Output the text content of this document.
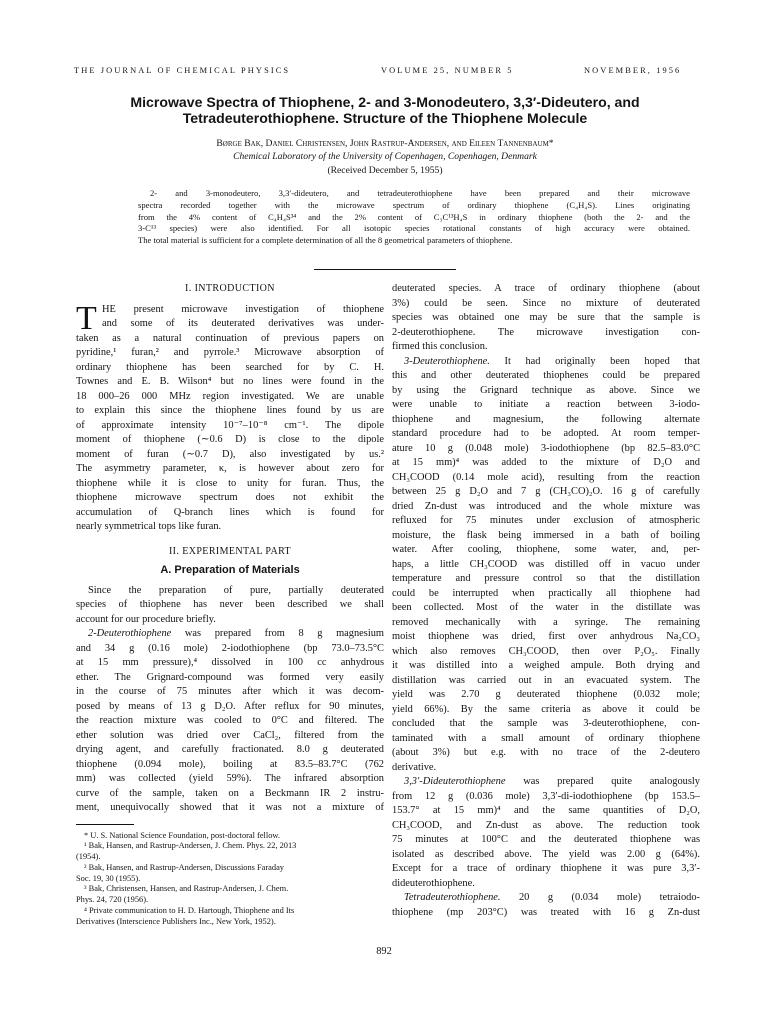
THE JOURNAL OF CHEMICAL PHYSICS	VOLUME 25, NUMBER 5	NOVEMBER, 1956
Microwave Spectra of Thiophene, 2- and 3-Monodeutero, 3,3′-Dideutero, and
Tetradeuterothiophene. Structure of the Thiophene Molecule
Børge Bak, Daniel Christensen, John Rastrup-Andersen, and Eileen Tannenbaum*
Chemical Laboratory of the University of Copenhagen, Copenhagen, Denmark
(Received December 5, 1955)
2- and 3-monodeutero, 3,3′-dideutero, and tetradeuterothiophene have been prepared and their microwave
spectra recorded together with the microwave spectrum of ordinary thiophene (C₄H₄S). Lines originating
from the 4% content of C₄H₄S³⁴ and the 2% content of C₃C¹³H₄S in ordinary thiophene (both the 2- and the
3-C¹³ species) were also identified. For all isotopic species rotational constants of high accuracy were obtained.
The total material is sufficient for a complete determination of all the 8 geometrical parameters of thiophene.
I. INTRODUCTION
T HE present microwave investigation of thiophene
and some of its deuterated derivatives was under-
taken as a natural continuation of previous papers on
pyridine,¹ furan,² and pyrrole.³ Microwave absorption of
ordinary thiophene has been searched for by C. H.
Townes and E. B. Wilson⁴ but no lines were found in the
18 000–26 000 MHz region investigated. We are unable
to explain this since the thiophene lines found by us are
of approximate intensity 10⁻⁷–10⁻⁸ cm⁻¹. The dipole
moment of thiophene (∼0.6 D) is close to the dipole
moment of furan (∼0.7 D), also investigated by us.²
The asymmetry parameter, κ, is however about zero for
thiophene while it is close to unity for furan. Thus, the
thiophene microwave spectrum does not exhibit the
accumulation of Q-branch lines which is found for
nearly symmetrical tops like furan.
II. EXPERIMENTAL PART
A. Preparation of Materials
Since the preparation of pure, partially deuterated
species of thiophene has never been described we shall
account for our procedure briefly.
2-Deuterothiophene was prepared from 8 g magnesium
and 34 g (0.16 mole) 2-iodothiophene (bp 73.0–73.5°C
at 15 mm pressure),⁴ dissolved in 100 cc anhydrous
ether. The Grignard-compound was formed very easily
in the course of 75 minutes after which it was decom-
posed by means of 13 g D₂O. After reflux for 90 minutes,
the reaction mixture was cooled to 0°C and filtered. The
ether solution was dried over CaCl₂, filtered from the
drying agent, and carefully fractionated. 8.0 g deuterated
thiophene (0.094 mole), boiling at 83.5–83.7°C (762
mm) was collected (yield 59%). The infrared absorption
curve of the sample, taken on a Beckmann IR 2 instru-
ment, unequivocally showed that it was not a mixture of
* U. S. National Science Foundation, post-doctoral fellow.
¹ Bak, Hansen, and Rastrup-Andersen, J. Chem. Phys. 22, 2013
(1954).
² Bak, Hansen, and Rastrup-Andersen, Discussions Faraday
Soc. 19, 30 (1955).
³ Bak, Christensen, Hansen, and Rastrup-Andersen, J. Chem.
Phys. 24, 720 (1956).
⁴ Private communication to H. D. Hartough, Thiophene and Its
Derivatives (Interscience Publishers Inc., New York, 1952).
deuterated species. A trace of ordinary thiophene (about
3%) could be seen. Since no mixture of deuterated
species was obtained one may be sure that the sample is
2-deuterothiophene. The microwave investigation con-
firmed this conclusion.
3-Deuterothiophene. It had originally been hoped that
this and other deuterated thiophenes could be prepared
by using the Grignard technique as above. Since we
were unable to initiate a reaction between 3-iodo-
thiophene and magnesium, the following alternate
standard procedure had to be adopted. At room temper-
ature 10 g (0.048 mole) 3-iodothiophene (bp 82.5–83.0°C
at 15 mm)⁴ was added to the mixture of D₂O and
CH₃COOD (0.14 mole acid), resulting from the reaction
between 25 g D₂O and 7 g (CH₃CO)₂O. 16 g of carefully
dried Zn-dust was introduced and the whole mixture was
refluxed for 75 minutes under exclusion of atmospheric
moisture, the flask being immersed in a bath of boiling
water. After cooling, thiophene, some water, and, per-
haps, a little CH₃COOD was distilled off in vacuo under
temperature and pressure control so that the distillation
could be interrupted when practically all thiophene had
been collected. Most of the water in the distillate was
removed mechanically with a syringe. The remaining
moist thiophene was dried, first over anhydrous Na₂CO₃
which also removes CH₃COOD, then over P₂O₅. Finally
it was distilled into a weighed ampule. Both drying and
distillation was carried out in an evacuated system. The
yield was 2.70 g deuterated thiophene (0.032 mole;
yield 66%). By the same criteria as above it could be
concluded that the sample was 3-deuterothiophene, con-
taminated with a small amount of ordinary thiophene
(about 3%) but e.g. with no trace of the 2-deutero
derivative.
3,3′-Dideuterothiophene was prepared quite analogously
from 12 g (0.036 mole) 3,3′-di-iodothiophene (bp 153.5–
153.7° at 15 mm)⁴ and the same quantities of D₂O,
CH₃COOD, and Zn-dust as above. The reduction took
75 minutes at 100°C and the deuterated thiophene was
isolated as described above. The yield was 2.00 g (64%).
Except for a trace of ordinary thiophene it was pure 3,3′-
dideuterothiophene.
Tetradeuterothiophene. 20 g (0.034 mole) tetraiodo-
thiophene (mp 203°C) was treated with 16 g Zn-dust
892
